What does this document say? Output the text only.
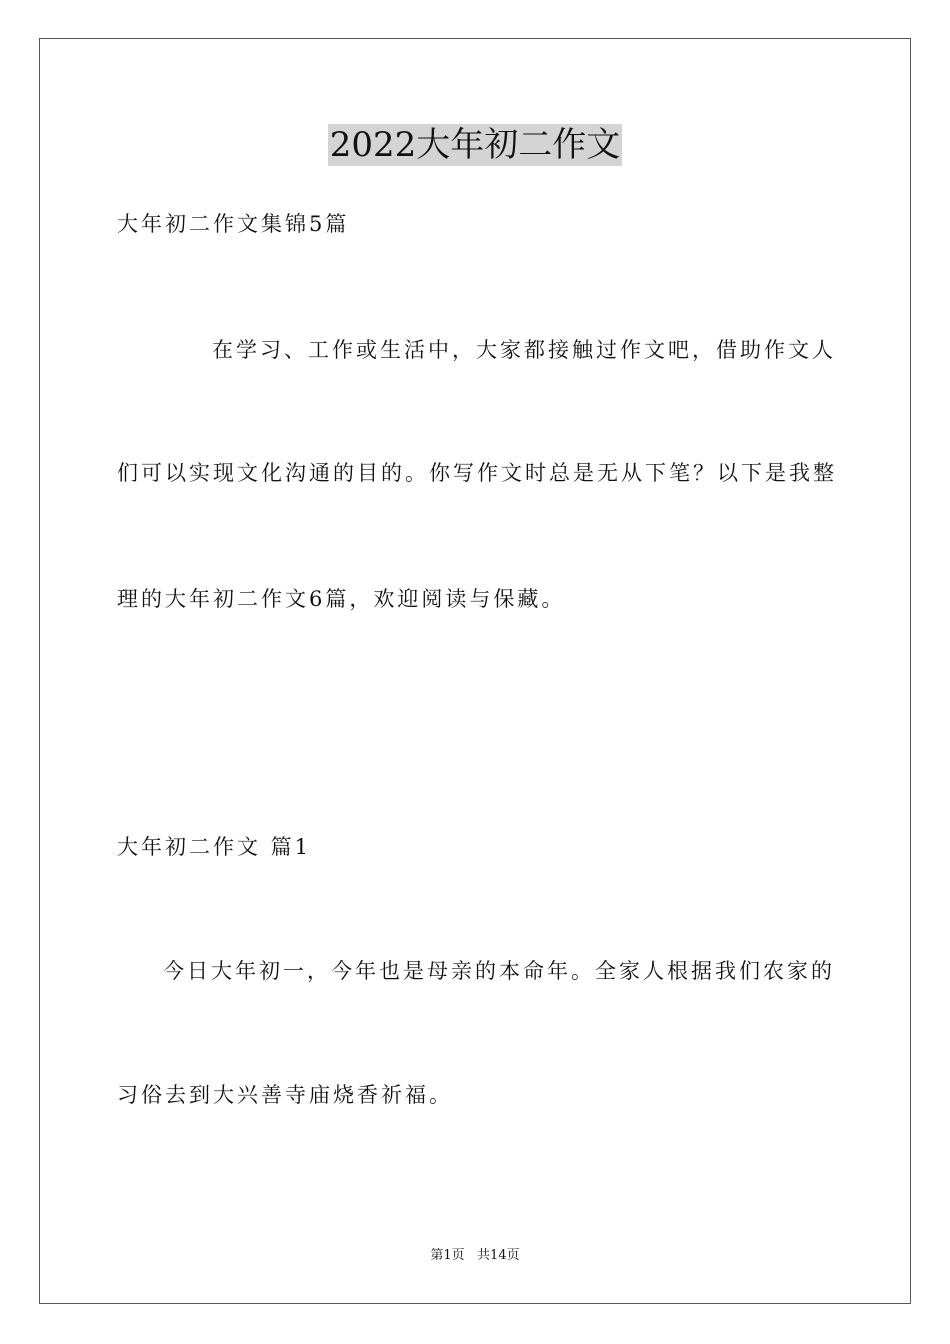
2022大年初二作文
大年初二作文集锦5篇
在学习、工作或生活中，大家都接触过作文吧，借助作文人
们可以实现文化沟通的目的。你写作文时总是无从下笔？以下是我整
理的大年初二作文6篇，欢迎阅读与保藏。
大年初二作文 篇1
今日大年初一，今年也是母亲的本命年。全家人根据我们农家的
习俗去到大兴善寺庙烧香祈福。
第1页   共14页
